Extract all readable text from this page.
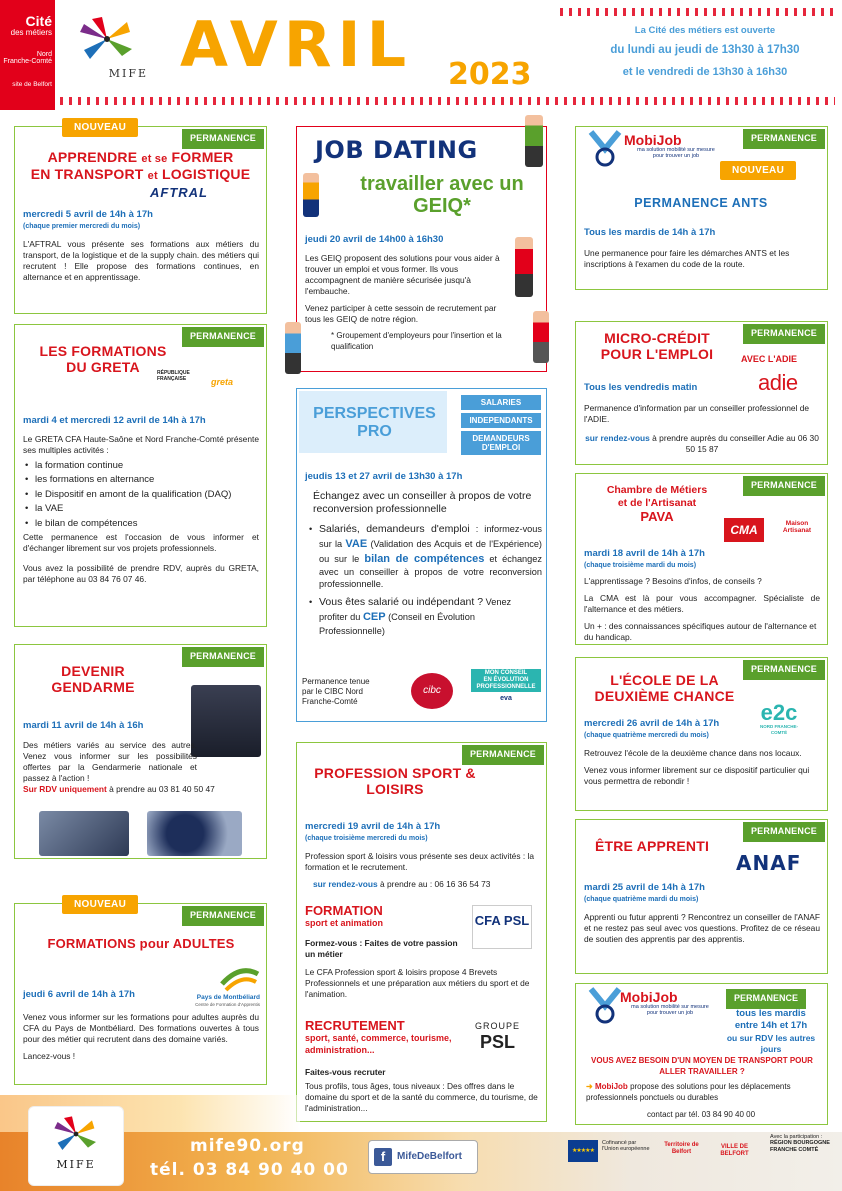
Cité
des métiers
Nord
Franche-Comté
site de Belfort
MIFE AVRIL 2023
La Cité des métiers est ouverte
du lundi au jeudi de 13h30 à 17h30
et le vendredi de 13h30 à 16h30
PERMANENCE
APPRENDRE et se FORMER
EN TRANSPORT et LOGISTIQUE
AFTRAL
mercredi 5 avril de 14h à 17h
(chaque premier mercredi du mois)

L'AFTRAL vous présente ses formations aux métiers du transport, de la logistique et de la supply chain. des métiers qui recrutent ! Elle propose des formations continues, en alternance et en apprentissage.

NOUVEAU
PERMANENCE
LES FORMATIONS
DU GRETA	RÉPUBLIQUE
FRANÇAISE	greta
mardi 4 et mercredi 12 avril de 14h à 17h

Le GRETA CFA Haute-Saône et Nord Franche-Comté présente ses multiples activités :

• la formation continue
• les formations en alternance
• le Dispositif en amont de la qualification (DAQ)
• la VAE
• le bilan de compétences

Cette permanence est l'occasion de vous informer et d'échanger librement sur vos projets professionnels.

Vous avez la possibilité de prendre RDV, auprès du GRETA, par téléphone au 03 84 76 07 46.

PERMANENCE
DEVENIR
GENDARME
mardi 11 avril de 14h à 16h

Des métiers variés au service des autres. Venez vous informer sur les possibilités offertes par la Gendarmerie nationale et passez à l'action !

Sur RDV uniquement à prendre au 03 81 40 50 47

PERMANENCE
FORMATIONS pour ADULTES
Pays de Montbéliard
Centre de Formation d'Apprentis
jeudi 6 avril de 14h à 17h

Venez vous informer sur les formations pour adultes auprès du CFA du Pays de Montbéliard. Des formations ouvertes à tous pour des métier qui recrutent dans des domaine variés.

Lancez-vous !

NOUVEAU
JOB DATING
travailler avec un GEIQ*
jeudi 20 avril de 14h00 à 16h30

Les GEIQ proposent des solutions pour vous aider à trouver un emploi et vous former. Ils vous accompagnent de manière sécurisée jusqu'à l'embauche.

Venez participer à cette sessoin de recrutement par tous les GEIQ de notre région.

* Groupement d'employeurs pour l'insertion et la qualification

PERSPECTIVES
PRO
SALARIES
INDEPENDANTS
DEMANDEURS D'EMPLOI
jeudis 13 et 27 avril de 13h30 à 17h

Échangez avec un conseiller à propos de votre reconversion professionnelle

• Salariés, demandeurs d'emploi : informez-vous sur la VAE (Validation des Acquis et de l'Expérience) ou sur le bilan de compétences et échangez avec un conseiller à propos de votre reconversion professionnelle.
• Vous êtes salarié ou indépendant ? Venez profiter du CEP (Conseil en Évolution Professionnelle)
Permanence tenue
par le CIBC Nord
Franche-Comté
cibc
MON CONSEIL
EN ÉVOLUTION
PROFESSIONNELLE
eva
PERMANENCE
PROFESSION SPORT & LOISIRS
mercredi 19 avril de 14h à 17h
(chaque troisième mercredi du mois)

Profession sport & loisirs vous présente ses deux activités : la formation et le recrutement.

sur rendez-vous à prendre au : 06 16 36 54 73

FORMATION
sport et animation

Formez-vous : Faites de votre passion un métier

Le CFA Profession sport & loisirs propose 4 Brevets Professionnels et une préparation aux métiers du sport et de l'animation.

CFA PSL
RECRUTEMENT
sport, santé, commerce, tourisme, administration...

Faites-vous recruter

Tous profils, tous âges, tous niveaux : Des offres dans le domaine du sport et de la santé du commerce, du tourisme, de l'administration...

GROUPE
PSL
PERMANENCE
MobiJob
ma solution mobilité sur mesure pour trouver un job
PERMANENCE ANTS
Tous les mardis de 14h à 17h

Une permanence pour faire les démarches ANTS et les inscriptions à l'examen du code de la route.

NOUVEAU
PERMANENCE
MICRO-CRÉDIT
POUR L'EMPLOI	AVEC L'ADIE
adie
Tous les vendredis matin

Permanence d'information par un conseiller professionnel de l'ADIE.

sur rendez-vous à prendre auprès du conseiller Adie au 06 30 50 15 87

PERMANENCE
Chambre de Métiers
et de l'Artisanat
PAVA
CMA	Maison Artisanat
mardi 18 avril de 14h à 17h
(chaque troisième mardi du mois)

L'apprentissage ? Besoins d'infos, de conseils ?

La CMA est là pour vous accompagner. Spécialiste de l'alternance et des métiers.

Un + : des connaissances spécifiques autour de l'alternance et du handicap.

PERMANENCE
L'ÉCOLE DE LA
DEUXIÈME CHANCE
e2c
NORD FRANCHE-COMTÉ
mercredi 26 avril de 14h à 17h
(chaque quatrième mercredi du mois)

Retrouvez l'école de la deuxième chance dans nos locaux.

Venez vous informer librement sur ce dispositif particulier qui vous permettra de rebondir !

PERMANENCE
ÊTRE APPRENTI
ANAF
mardi 25 avril de 14h à 17h
(chaque quatrième mardi du mois)

Apprenti ou futur apprenti ? Rencontrez un conseiller de l'ANAF et ne restez pas seul avec vos questions. Profitez de ce réseau de soutien des apprentis par des apprentis.

MobiJob
ma solution mobilité sur mesure pour trouver un job
PERMANENCE
tous les mardis
entre 14h et 17h
ou sur RDV les autres jours
VOUS AVEZ BESOIN D'UN MOYEN DE TRANSPORT POUR ALLER TRAVAILLER ?
➜ MobiJob propose des solutions pour les déplacements professionnels ponctuels ou durables
contact par tél. 03 84 90 40 00
mife90.org
tél. 03 84 90 40 00
f	MifeDeBelfort
★★★★★
Cofinancé par l'Union européenne
Territoire de Belfort
VILLE DE BELFORT
Avec la participation :
RÉGION BOURGOGNE FRANCHE COMTÉ
MIFE
